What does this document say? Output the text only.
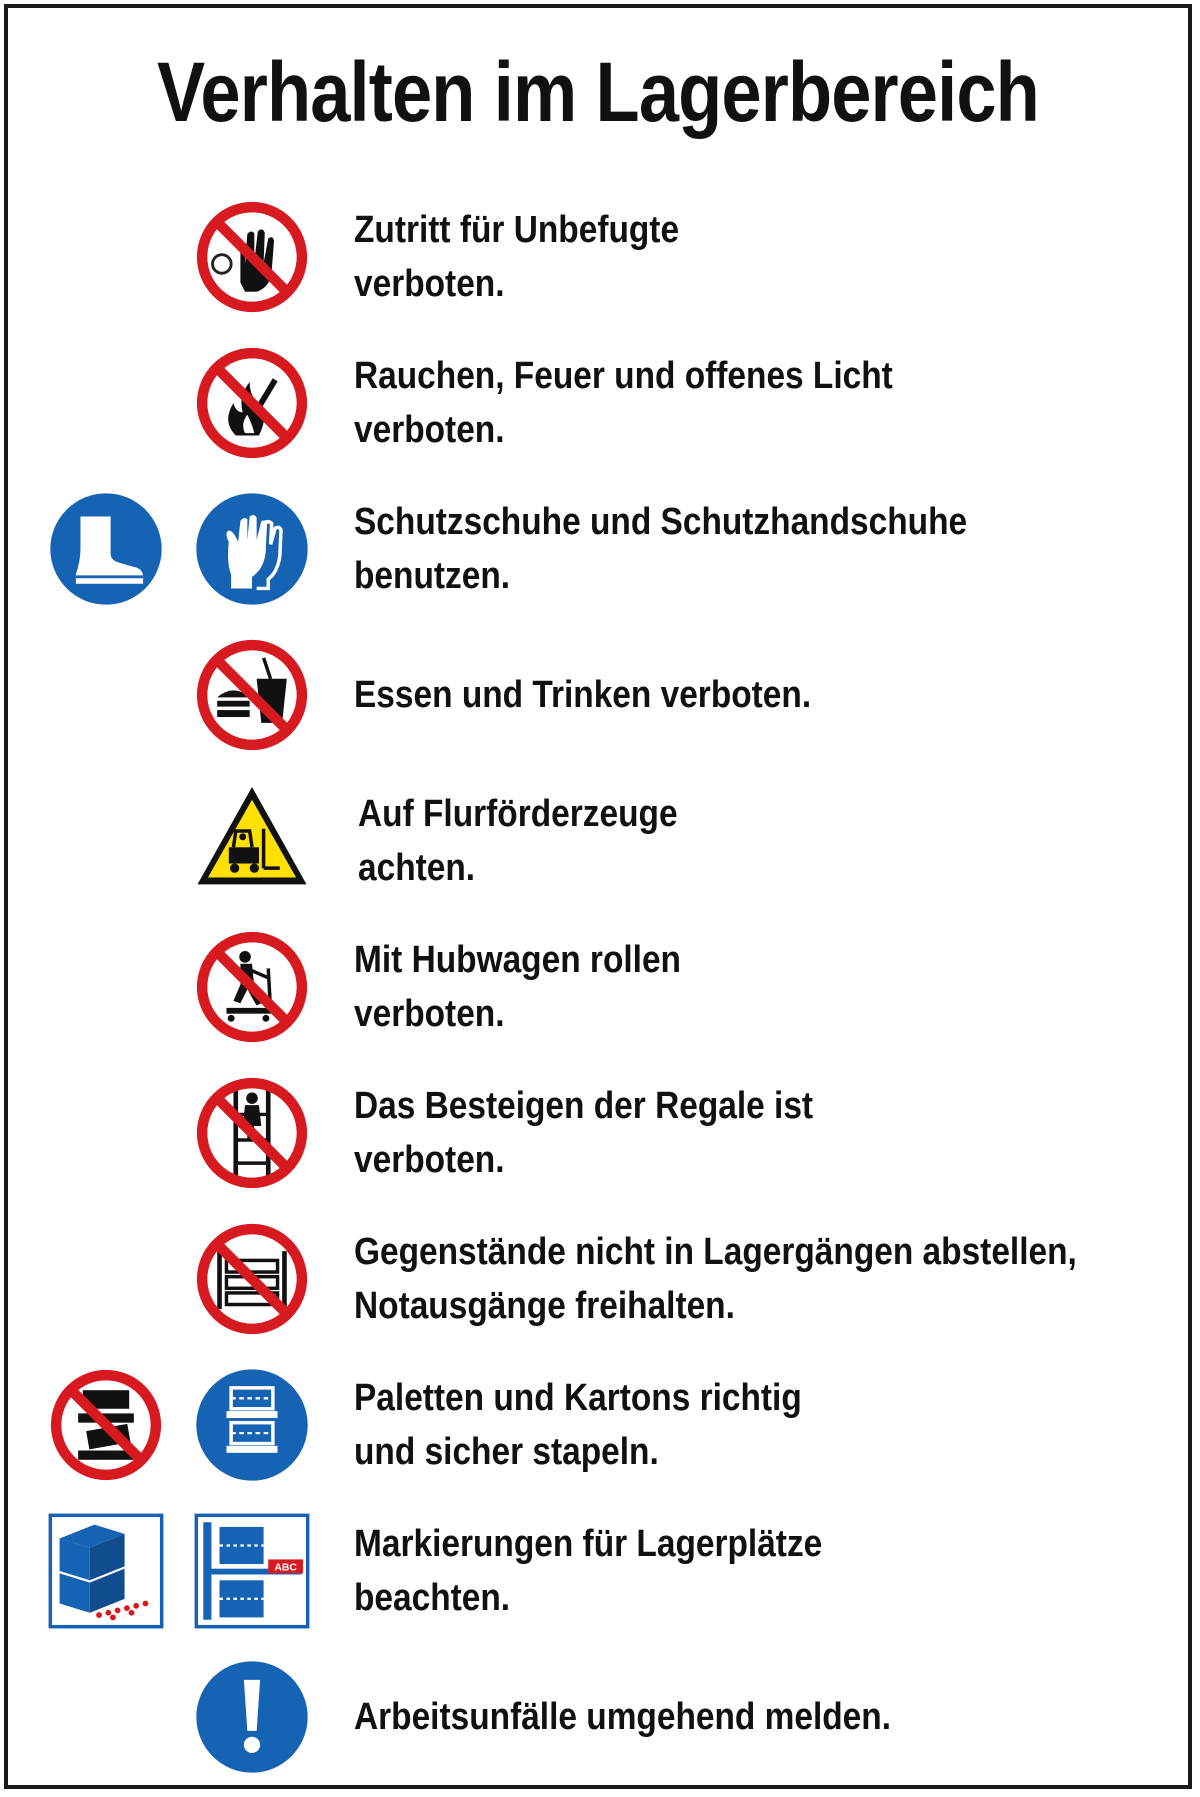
Verhalten im Lagerbereich
Zutritt für Unbefugte
verboten.
Rauchen, Feuer und offenes Licht
verboten.
Schutzschuhe und Schutzhandschuhe
benutzen.
Essen und Trinken verboten.
Auf Flurförderzeuge
achten.
Mit Hubwagen rollen
verboten.
Das Besteigen der Regale ist
verboten.
Gegenstände nicht in Lagergängen abstellen,
Notausgänge freihalten.
Paletten und Kartons richtig
und sicher stapeln.
ABC
Markierungen für Lagerplätze
beachten.
Arbeitsunfälle umgehend melden.
